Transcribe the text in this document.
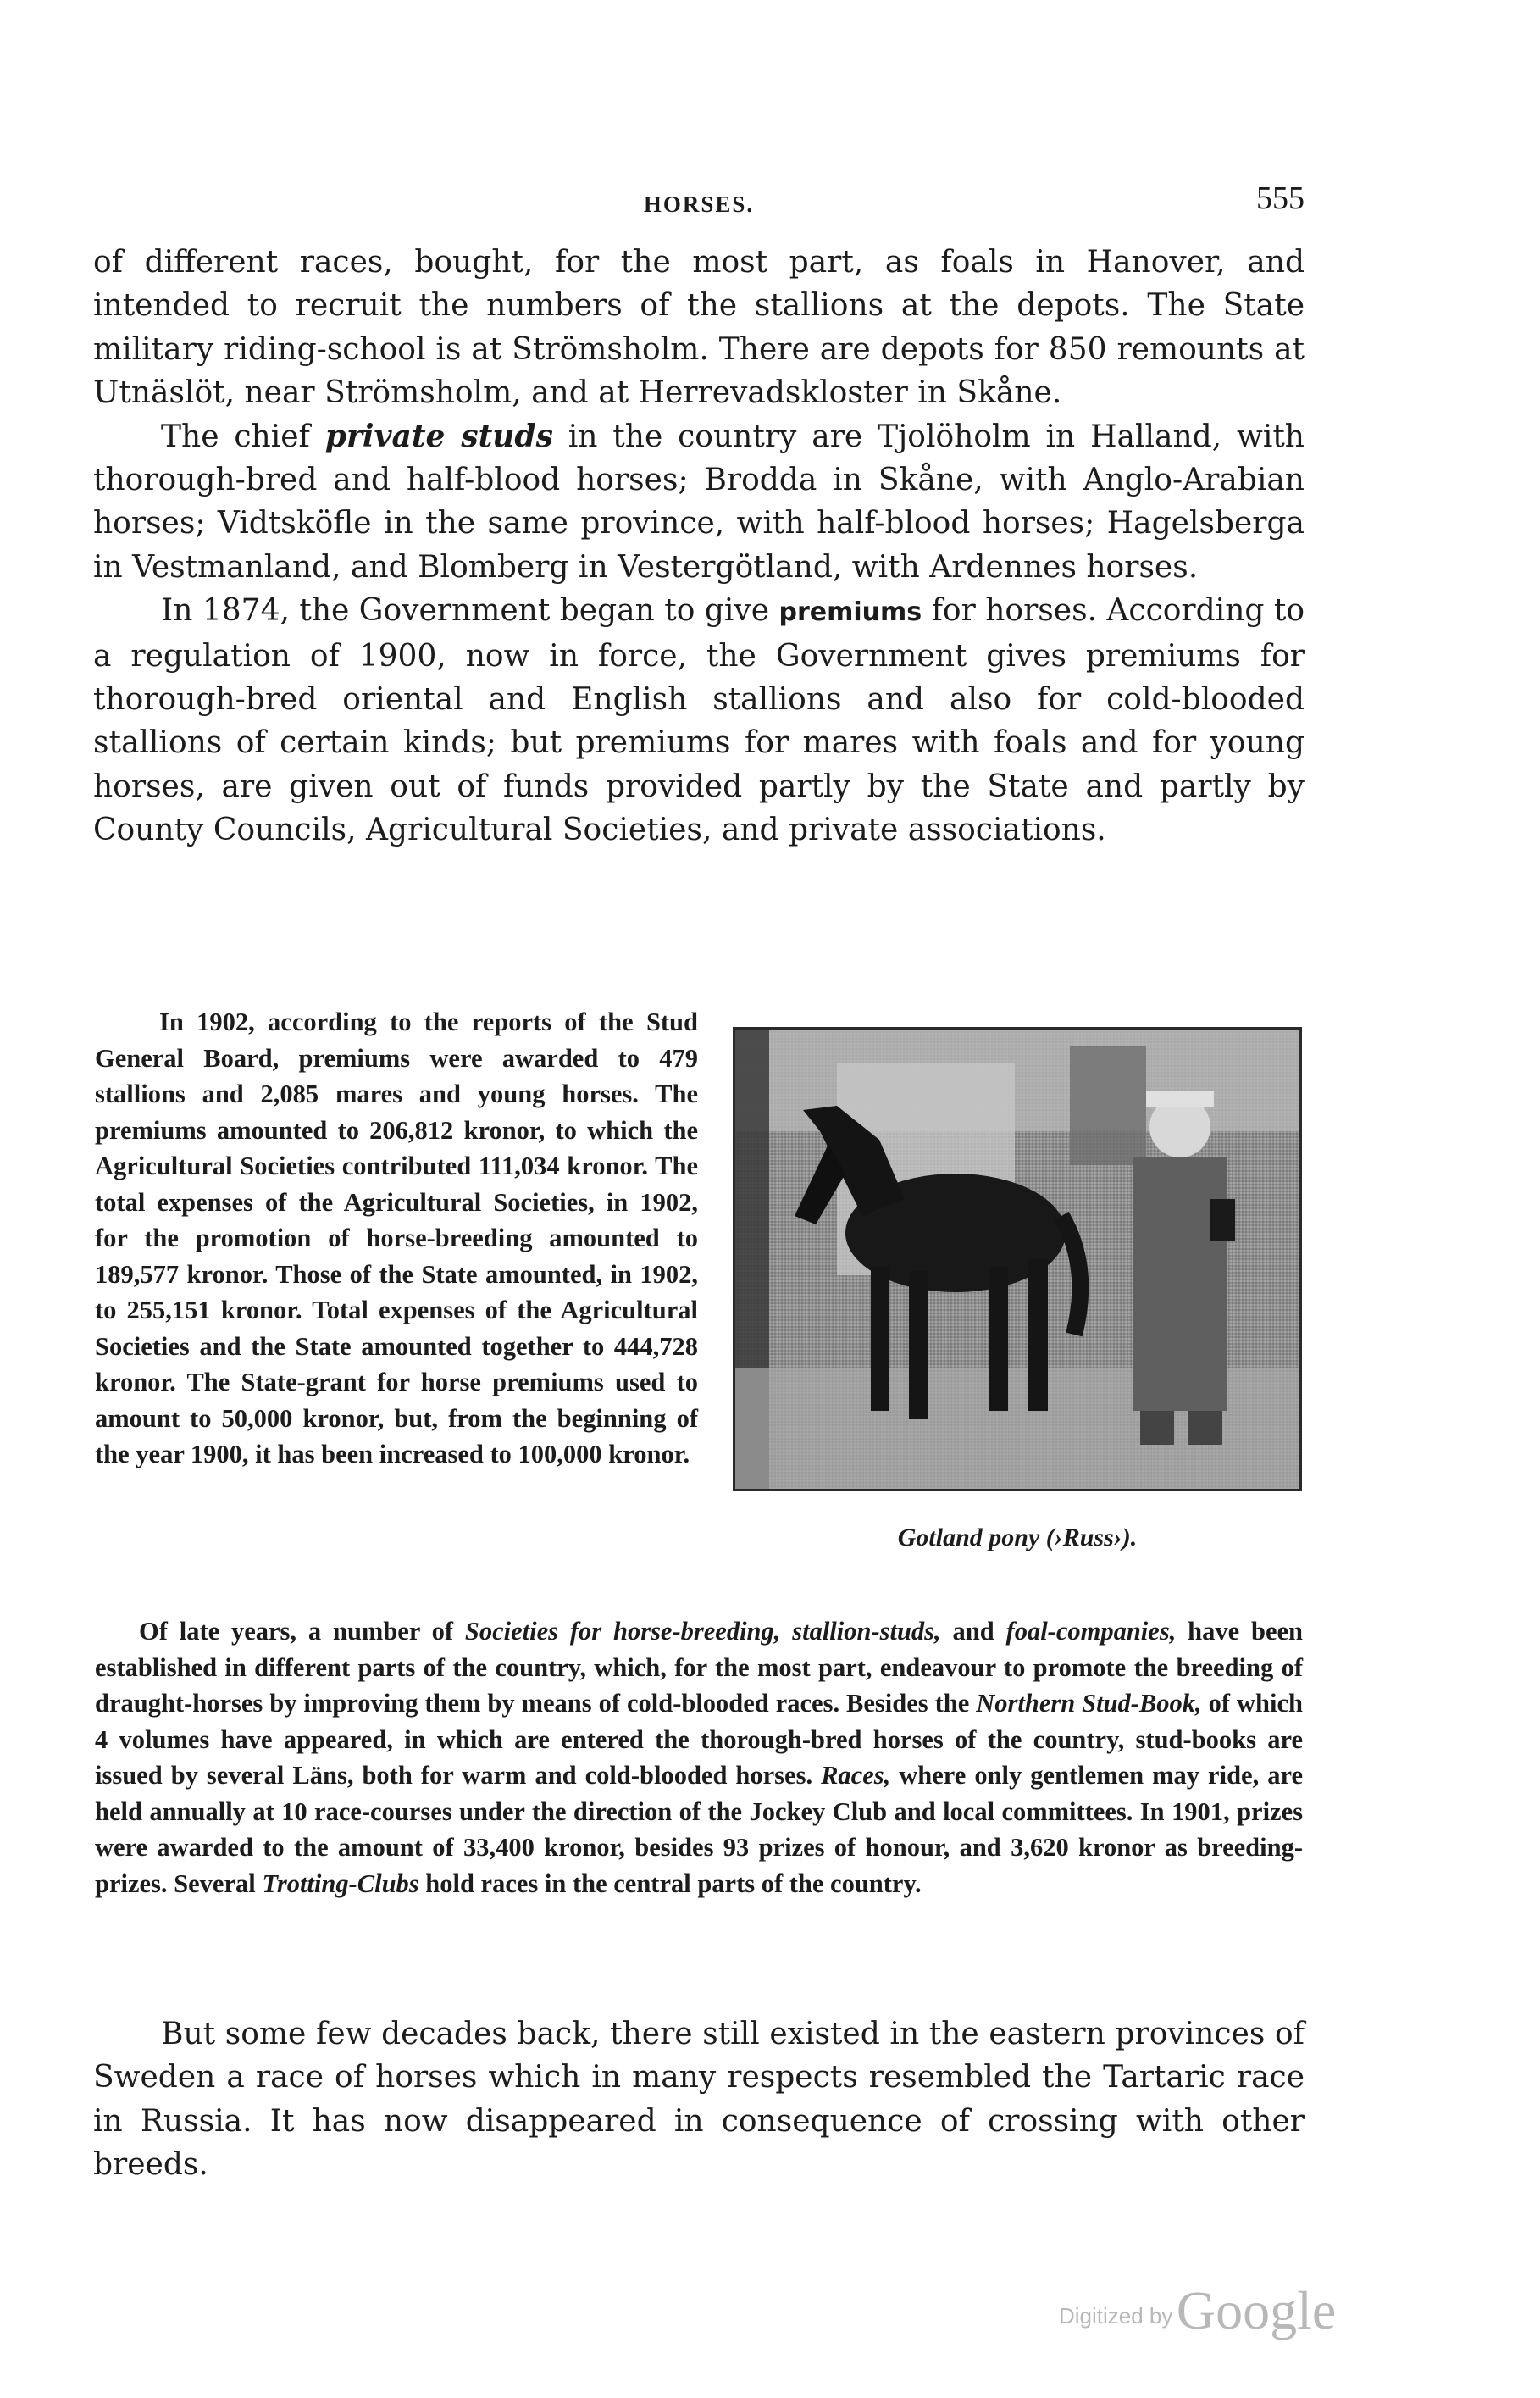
HORSES.	555

of different races, bought, for the most part, as foals in Hanover, and intended to recruit the numbers of the stallions at the depots. The State military riding-school is at Strömsholm. There are depots for 850 remounts at Utnäslöt, near Strömsholm, and at Herrevadskloster in Skåne.

The chief private studs in the country are Tjolöholm in Halland, with thorough-bred and half-blood horses; Brodda in Skåne, with Anglo-Arabian horses; Vidtsköfle in the same province, with half-blood horses; Hagelsberga in Vestmanland, and Blomberg in Vestergötland, with Ardennes horses.

In 1874, the Government began to give premiums for horses. According to a regulation of 1900, now in force, the Government gives premiums for thorough-bred oriental and English stallions and also for cold-blooded stallions of certain kinds; but premiums for mares with foals and for young horses, are given out of funds provided partly by the State and partly by County Councils, Agricultural Societies, and private associations.

In 1902, according to the reports of the Stud General Board, premiums were awarded to 479 stallions and 2,085 mares and young horses. The premiums amounted to 206,812 kronor, to which the Agricultural Societies contributed 111,034 kronor. The total expenses of the Agricultural Societies, in 1902, for the promotion of horse-breeding amounted to 189,577 kronor. Those of the State amounted, in 1902, to 255,151 kronor. Total expenses of the Agricultural Societies and the State amounted together to 444,728 kronor. The State-grant for horse premiums used to amount to 50,000 kronor, but, from the beginning of the year 1900, it has been increased to 100,000 kronor.

Gotland pony (›Russ›).

Of late years, a number of Societies for horse-breeding, stallion-studs, and foal-companies, have been established in different parts of the country, which, for the most part, endeavour to promote the breeding of draught-horses by improving them by means of cold-blooded races. Besides the Northern Stud-Book, of which 4 volumes have appeared, in which are entered the thorough-bred horses of the country, stud-books are issued by several Läns, both for warm and cold-blooded horses. Races, where only gentlemen may ride, are held annually at 10 race-courses under the direction of the Jockey Club and local committees. In 1901, prizes were awarded to the amount of 33,400 kronor, besides 93 prizes of honour, and 3,620 kronor as breeding-prizes. Several Trotting-Clubs hold races in the central parts of the country.

But some few decades back, there still existed in the eastern provinces of Sweden a race of horses which in many respects resembled the Tartaric race in Russia. It has now disappeared in consequence of crossing with other breeds.

Digitized by Google
